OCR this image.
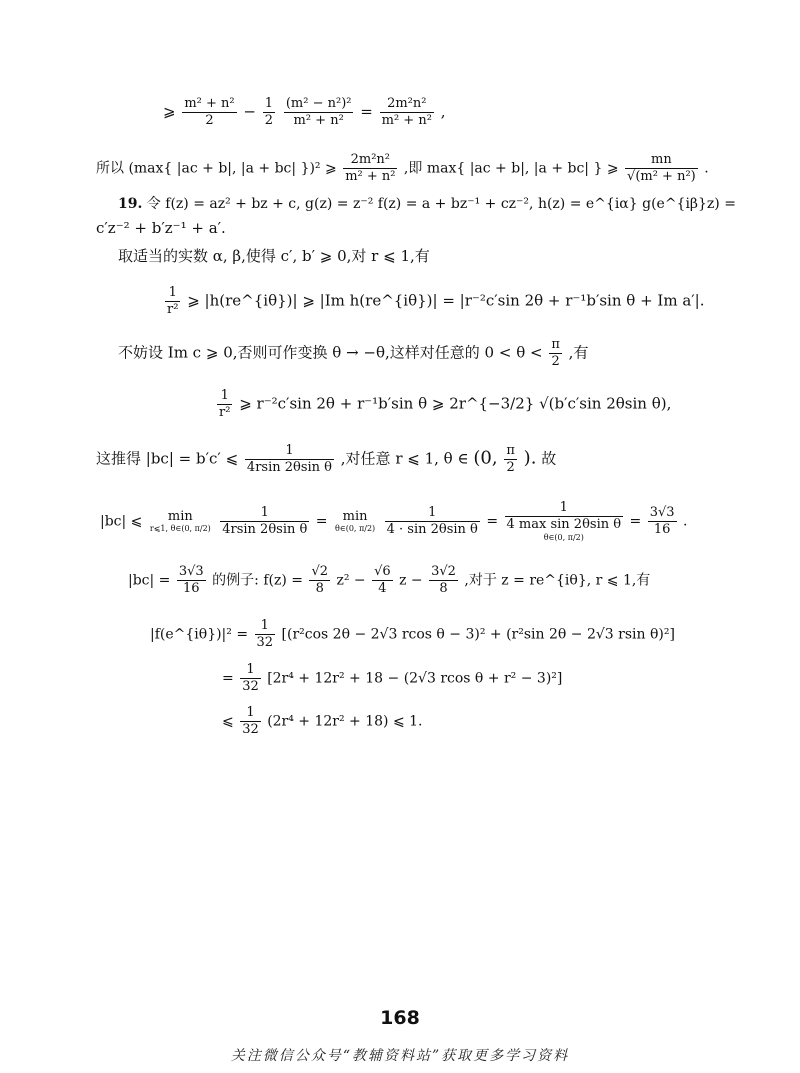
⩾ $\frac{\text{m² + n²}}{2} - \frac{1}{2}$
$\frac{\text{(m² − n²)²}}{\text{m² + n²}} = \frac{\text{2m²n²}}{\text{m² + n²}}$ ,
所以 (max{ |ac + b|, |a + bc| })² ⩾ $\frac{\text{2m²n²}}{\text{m² + n²}}$ ,即 max{ |ac + b|, |a + bc| } ⩾ $\frac{mn}{\text{√(m² + n²)}}$ .
19. 令 f(z) = az² + bz + c, g(z) = z⁻² f(z) = a + bz⁻¹ + cz⁻², h(z) = e^{iα} g(e^{iβ}z) =
c′z⁻² + b′z⁻¹ + a′.
取适当的实数 α, β,使得 c′, b′ ⩾ 0,对 r ⩽ 1,有
$\frac{1}{\text{r²}}$ ⩾ |h(re^{iθ})| ⩾ |Im h(re^{iθ})| = |r⁻²c′sin 2θ + r⁻¹b′sin θ + Im a′|.
不妨设 Im c ⩾ 0,否则可作变换 θ → −θ,这样对任意的 $0 < \theta < \frac{\pi}{2}$ ,有
$\frac{1}{\text{r²}}$ ⩾ r⁻²c′sin 2θ + r⁻¹b′sin θ ⩾ 2r^{−3/2} √(b′c′sin 2θsin θ),
这推得 |bc| = b′c′ ⩽ $\frac{1}{\text{4rsin 2θsin θ}}$ ,对任意 r ⩽ 1, θ ∈ (0, $\frac{\pi}{2}$ ). 故
|bc| ⩽ min
r⩽1, θ∈(0, π/2)
$\frac{1}{\text{4rsin 2θsin θ}} = \min$
θ∈(0, π/2)
$\frac{1}{\text{4 · sin 2θsin θ}}$ =
1
4 max sin 2θsin θ
θ∈(0, π/2)
= $\frac{3√3}{16}$ .
$|bc| = \frac{3√3}{16}$ 的例子: $f(z) = \frac{√2}{8} z^2 - \frac{√6}{4}$ $z - \frac{3√2}{8}$ ,对于 z = re^{iθ}, r ⩽ 1,有
|f(e^{iθ})|² = $\frac{1}{32} [(r^2\cos$ 2θ − 2√3 rcos θ − 3)² + (r²sin 2θ − 2√3 rsin θ)²]
= $\frac{1}{32} [2r^4 + 12r^2 + 18 - (2√3$ rcos θ + r² − 3)²]
⩽ $\frac{1}{32} (2r^4 + 12r^2 + 18)$ ⩽ 1.
168
关注微信公众号“教辅资料站”获取更多学习资料
